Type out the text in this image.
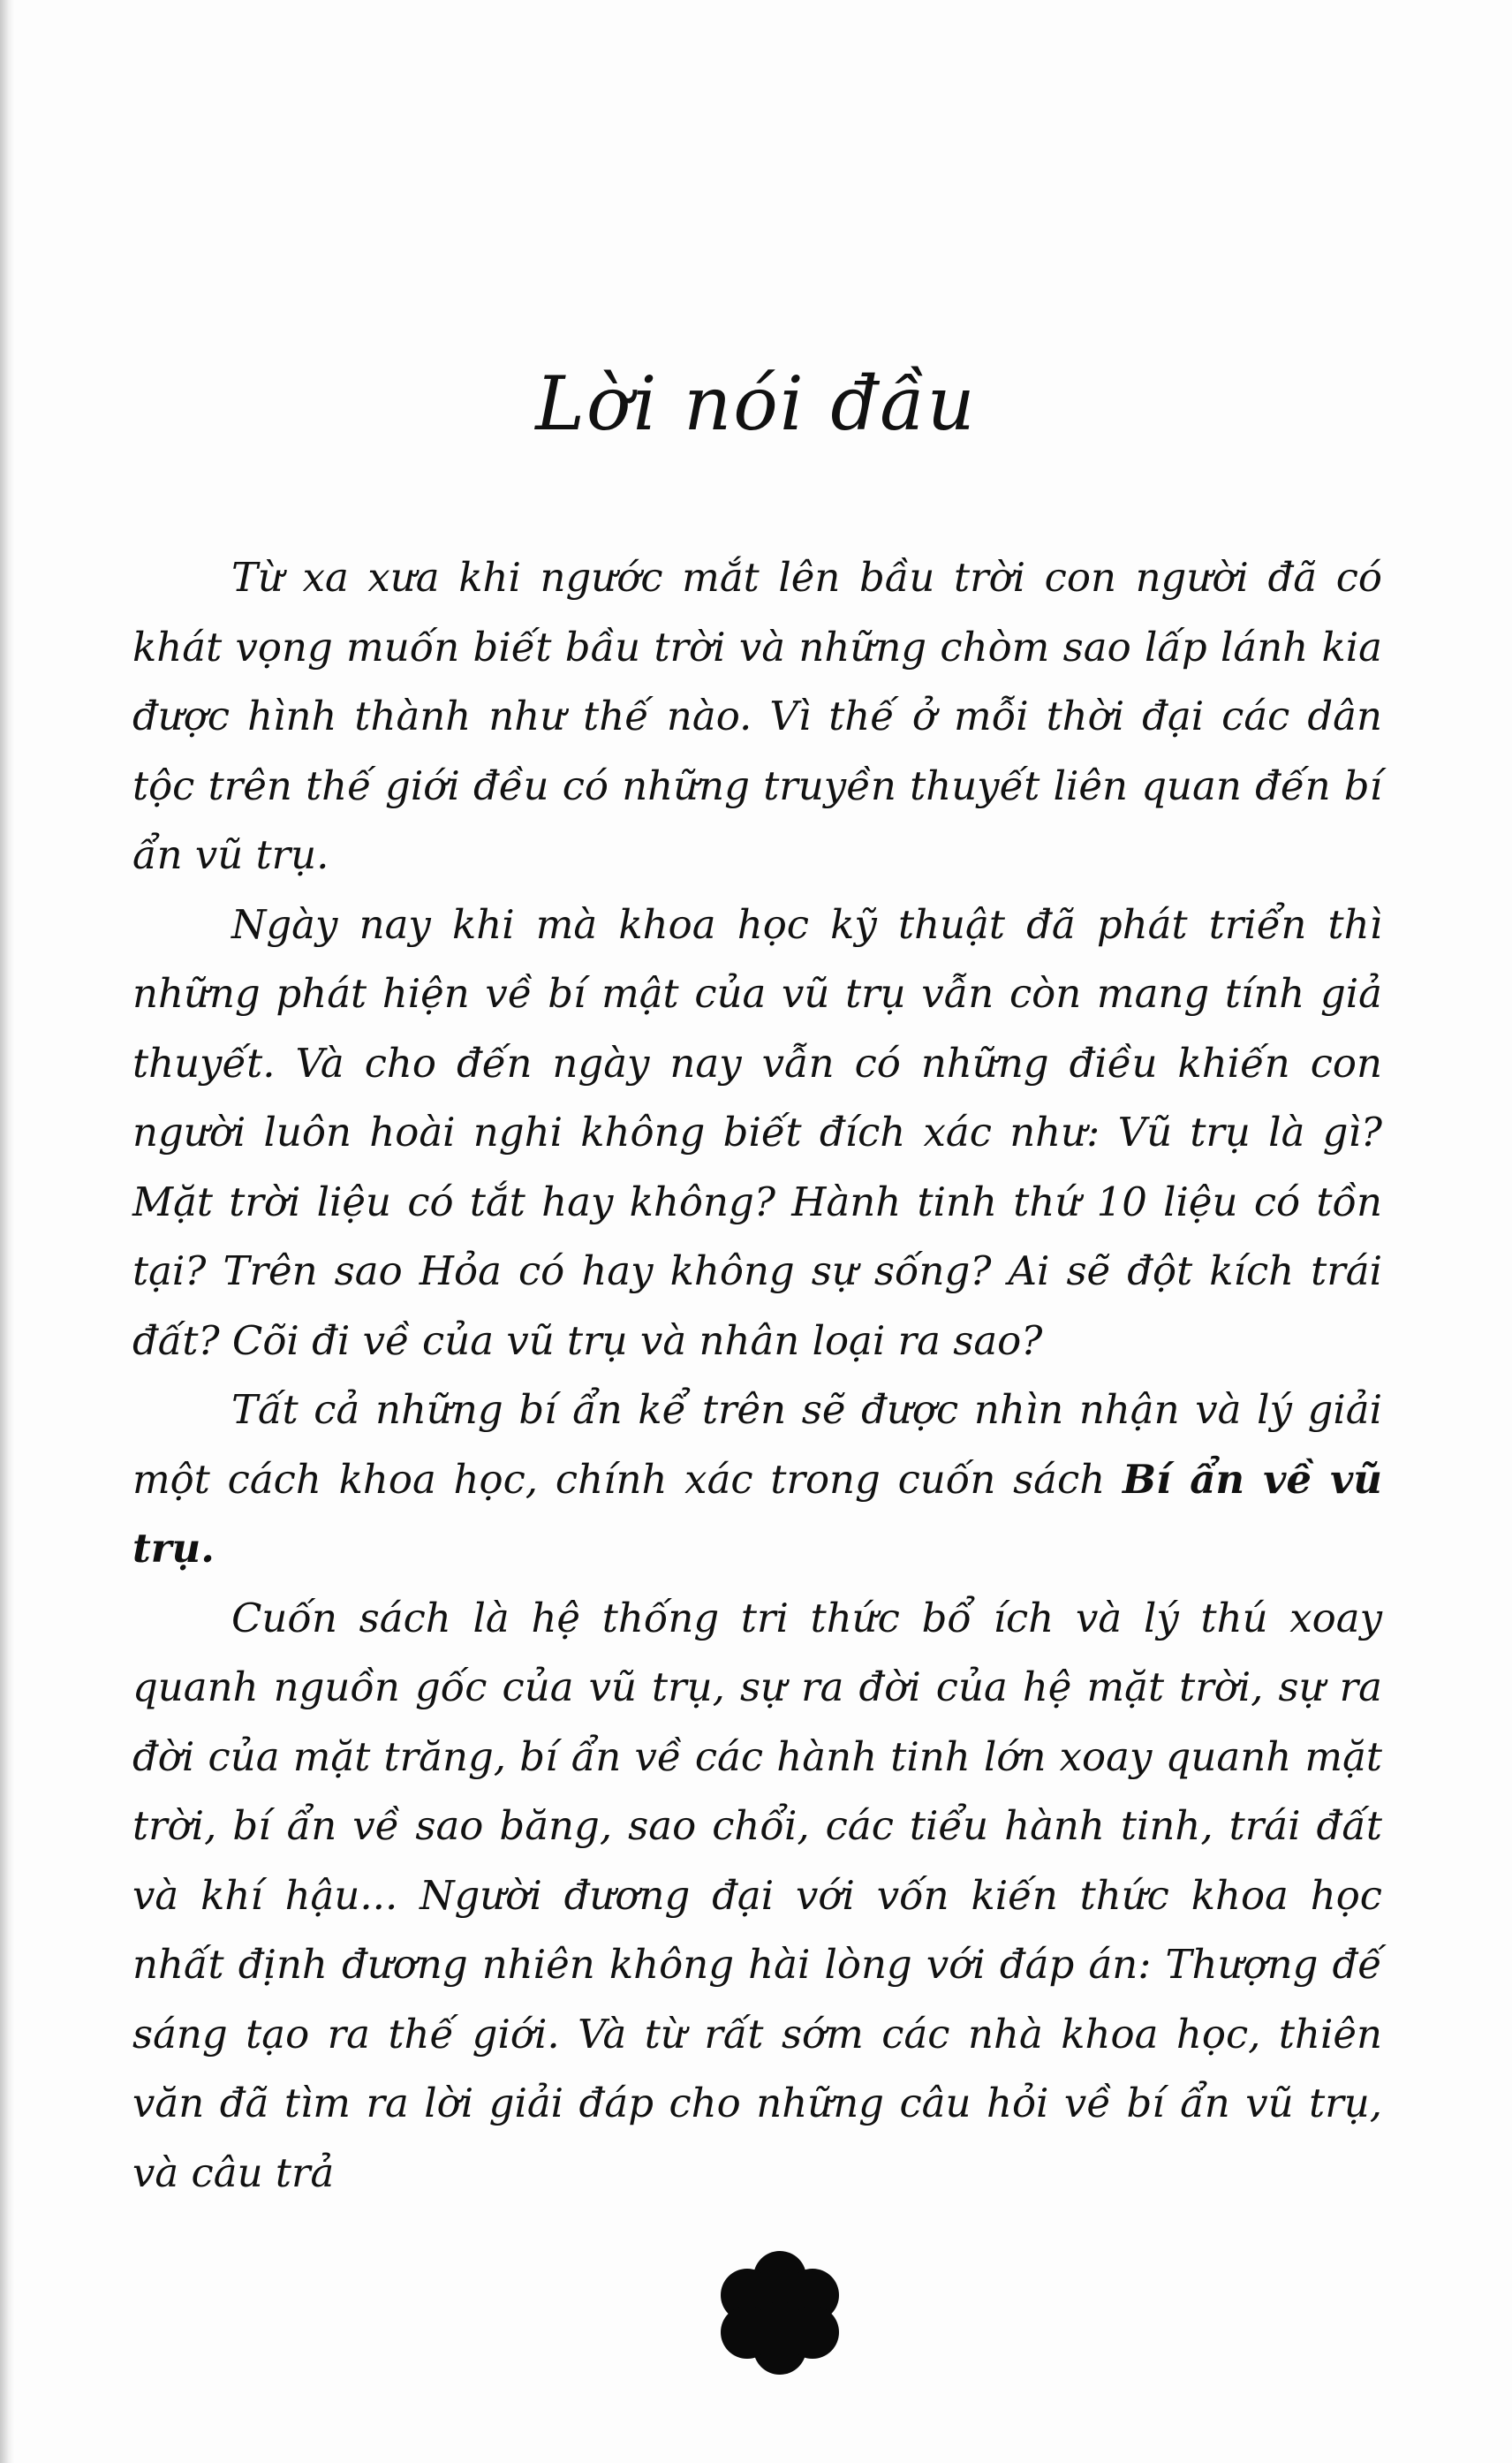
Lời nói đầu

Từ xa xưa khi ngước mắt lên bầu trời con người đã có khát vọng muốn biết bầu trời và những chòm sao lấp lánh kia được hình thành như thế nào. Vì thế ở mỗi thời đại các dân tộc trên thế giới đều có những truyền thuyết liên quan đến bí ẩn vũ trụ.

Ngày nay khi mà khoa học kỹ thuật đã phát triển thì những phát hiện về bí mật của vũ trụ vẫn còn mang tính giả thuyết. Và cho đến ngày nay vẫn có những điều khiến con người luôn hoài nghi không biết đích xác như: Vũ trụ là gì? Mặt trời liệu có tắt hay không? Hành tinh thứ 10 liệu có tồn tại? Trên sao Hỏa có hay không sự sống? Ai sẽ đột kích trái đất? Cõi đi về của vũ trụ và nhân loại ra sao?

Tất cả những bí ẩn kể trên sẽ được nhìn nhận và lý giải một cách khoa học, chính xác trong cuốn sách Bí ẩn về vũ trụ.

Cuốn sách là hệ thống tri thức bổ ích và lý thú xoay quanh nguồn gốc của vũ trụ, sự ra đời của hệ mặt trời, sự ra đời của mặt trăng, bí ẩn về các hành tinh lớn xoay quanh mặt trời, bí ẩn về sao băng, sao chổi, các tiểu hành tinh, trái đất và khí hậu... Người đương đại với vốn kiến thức khoa học nhất định đương nhiên không hài lòng với đáp án: Thượng đế sáng tạo ra thế giới. Và từ rất sớm các nhà khoa học, thiên văn đã tìm ra lời giải đáp cho những câu hỏi về bí ẩn vũ trụ, và câu trả
